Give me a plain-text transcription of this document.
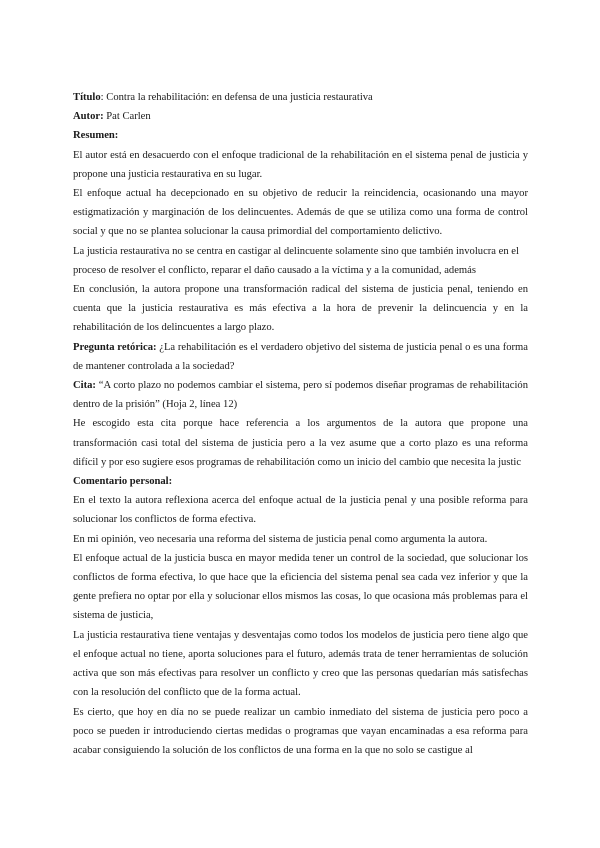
Título: Contra la rehabilitación: en defensa de una justicia restaurativa

Autor: Pat Carlen

Resumen:

El autor está en desacuerdo con el enfoque tradicional de la rehabilitación en el sistema penal de justicia y propone una justicia restaurativa en su lugar.

El enfoque actual ha decepcionado en su objetivo de reducir la reincidencia, ocasionando una mayor estigmatización y marginación de los delincuentes. Además de que se utiliza como una forma de control social y que no se plantea solucionar la causa primordial del comportamiento delictivo.

La justicia restaurativa no se centra en castigar al delincuente solamente sino que también involucra en el proceso de resolver el conflicto, reparar el daño causado a la víctima y a la comunidad, además

En conclusión, la autora propone una transformación radical del sistema de justicia penal, teniendo en cuenta que la justicia restaurativa es más efectiva a la hora de prevenir la delincuencia y en la rehabilitación de los delincuentes a largo plazo.

Pregunta retórica: ¿La rehabilitación es el verdadero objetivo del sistema de justicia penal o es una forma de mantener controlada a la sociedad?

Cita: “A corto plazo no podemos cambiar el sistema, pero sí podemos diseñar programas de rehabilitación dentro de la prisión” (Hoja 2, línea 12)

He escogido esta cita porque hace referencia a los argumentos de la autora que propone una transformación casi total del sistema de justicia pero a la vez asume que a corto plazo es una reforma difícil y por eso sugiere esos programas de rehabilitación como un inicio del cambio que necesita la justic

Comentario personal:

En el texto la autora reflexiona acerca del enfoque actual de la justicia penal y una posible reforma para solucionar los conflictos de forma efectiva.

En mi opinión, veo necesaria una reforma del sistema de justicia penal como argumenta la autora.

El enfoque actual de la justicia busca en mayor medida tener un control de la sociedad, que solucionar los conflictos de forma efectiva, lo que hace que la eficiencia del sistema penal sea cada vez inferior y que la gente prefiera no optar por ella y solucionar ellos mismos las cosas, lo que ocasiona más problemas para el sistema de justicia,

La justicia restaurativa tiene ventajas y desventajas como todos los modelos de justicia pero tiene algo que el enfoque actual no tiene, aporta soluciones para el futuro, además trata de tener herramientas de solución activa que son más efectivas para resolver un conflicto y creo que las personas quedarían más satisfechas con la resolución del conflicto que de la forma actual.

Es cierto, que hoy en día no se puede realizar un cambio inmediato del sistema de justicia pero poco a poco se pueden ir introduciendo ciertas medidas o programas que vayan encaminadas a esa reforma para acabar consiguiendo la solución de los conflictos de una forma en la que no solo se castigue al
